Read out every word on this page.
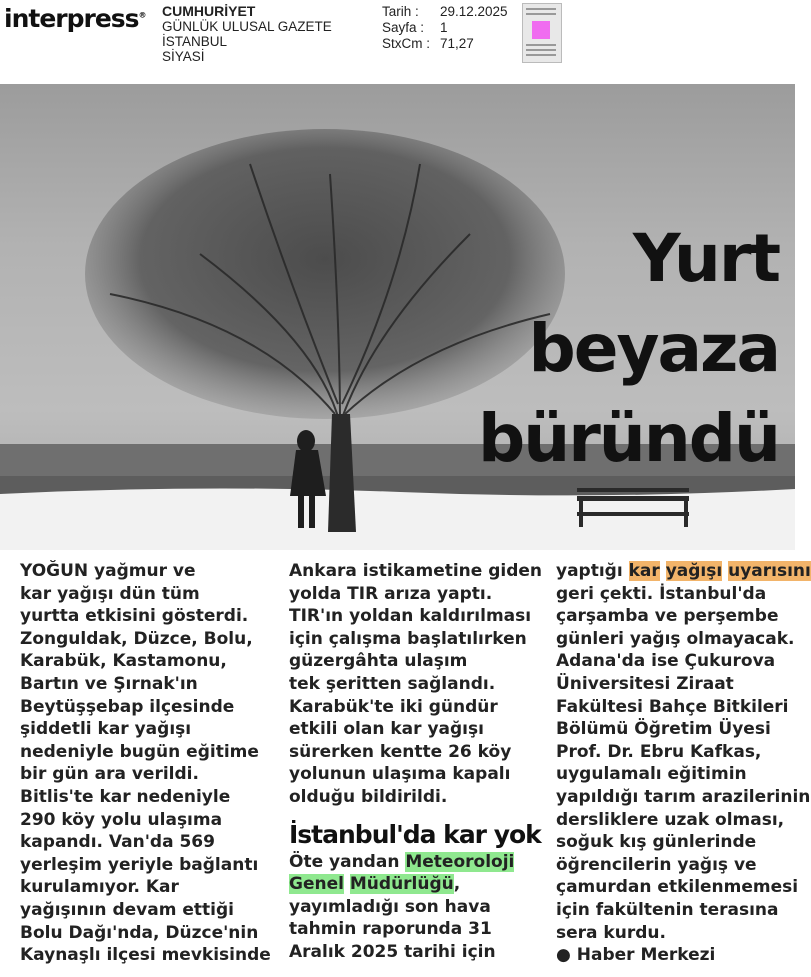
interpress® CUMHURİYET
GÜNLÜK ULUSAL GAZETE
İSTANBUL
SİYASİ
Tarih :	29.12.2025
Sayfa :	1
StxCm : 71,27
Yurt
beyaza
büründü

YOĞUN yağmur ve

kar yağışı dün tüm

yurtta etkisini gösterdi.

Zonguldak, Düzce, Bolu,

Karabük, Kastamonu,

Bartın ve Şırnak'ın

Beytüşşebap ilçesinde

şiddetli kar yağışı

nedeniyle bugün eğitime

bir gün ara verildi.

Bitlis'te kar nedeniyle

290 köy yolu ulaşıma

kapandı. Van'da 569

yerleşim yeriyle bağlantı

kurulamıyor. Kar

yağışının devam ettiği

Bolu Dağı'nda, Düzce'nin

Kaynaşlı ilçesi mevkisinde

Ankara istikametine giden

yolda TIR arıza yaptı.

TIR'ın yoldan kaldırılması

için çalışma başlatılırken

güzergâhta ulaşım

tek şeritten sağlandı.

Karabük'te iki gündür

etkili olan kar yağışı

sürerken kentte 26 köy

yolunun ulaşıma kapalı

olduğu bildirildi.

İstanbul'da kar yok

Öte yandan Meteoroloji

Genel Müdürlüğü,

yayımladığı son hava

tahmin raporunda 31

Aralık 2025 tarihi için

yaptığı kar yağışı uyarısını

geri çekti. İstanbul'da

çarşamba ve perşembe

günleri yağış olmayacak.

Adana'da ise Çukurova

Üniversitesi Ziraat

Fakültesi Bahçe Bitkileri

Bölümü Öğretim Üyesi

Prof. Dr. Ebru Kafkas,

uygulamalı eğitimin

yapıldığı tarım arazilerinin

dersliklere uzak olması,

soğuk kış günlerinde

öğrencilerin yağış ve

çamurdan etkilenmemesi

için fakültenin terasına

sera kurdu.

● Haber Merkezi
